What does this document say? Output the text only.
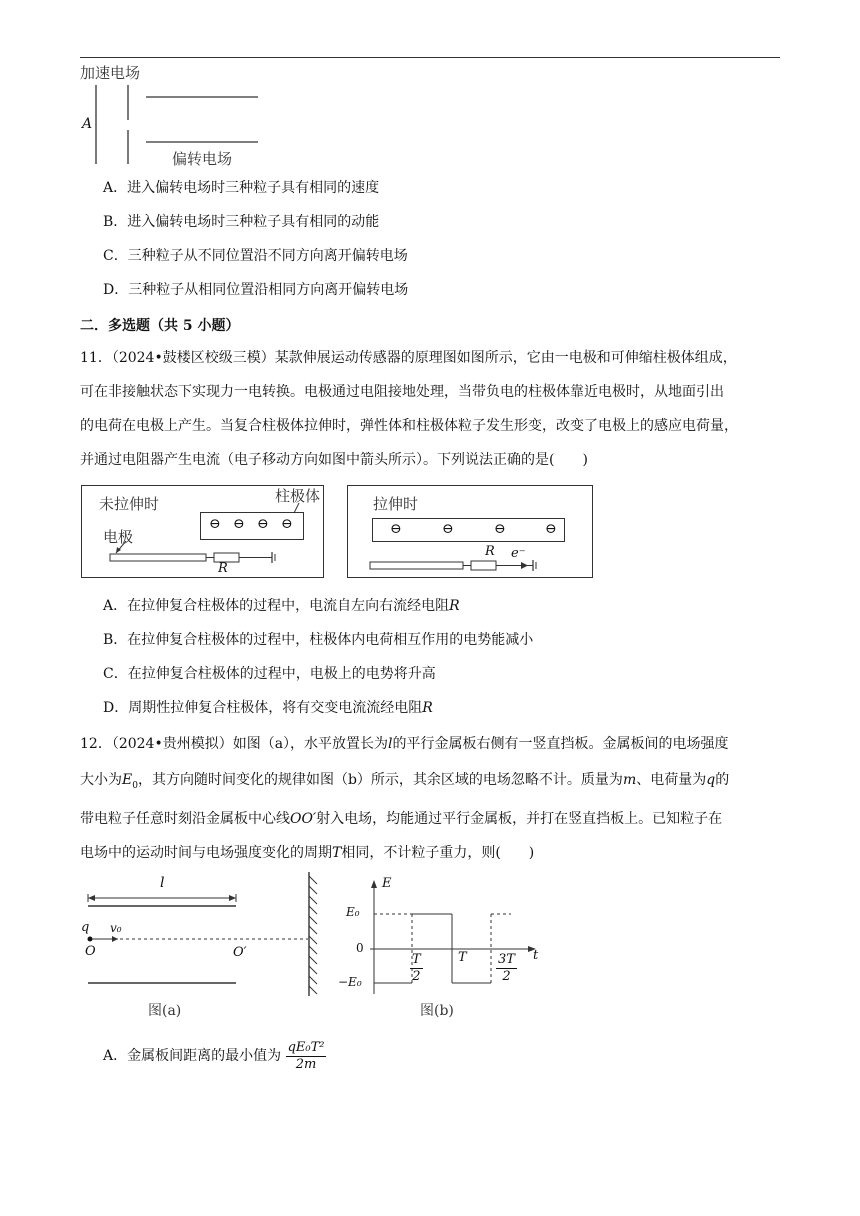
加速电场
A
偏转电场
A．进入偏转电场时三种粒子具有相同的速度
B．进入偏转电场时三种粒子具有相同的动能
C．三种粒子从不同位置沿不同方向离开偏转电场
D．三种粒子从相同位置沿相同方向离开偏转电场
二．多选题（共 5 小题）
11．（2024•鼓楼区校级三模）某款伸展运动传感器的原理图如图所示，它由一电极和可伸缩柱极体组成，
可在非接触状态下实现力一电转换。电极通过电阻接地处理，当带负电的柱极体靠近电极时，从地面引出
的电荷在电极上产生。当复合柱极体拉伸时，弹性体和柱极体粒子发生形变，改变了电极上的感应电荷量，
并通过电阻器产生电流（电子移动方向如图中箭头所示）。下列说法正确的是(　　)
未拉伸时	柱极体
电极
⊖ ⊖ ⊖ ⊖
R
拉伸时
⊖	⊖	⊖	⊖
R e⁻
A．在拉伸复合柱极体的过程中，电流自左向右流经电阻R
B．在拉伸复合柱极体的过程中，柱极体内电荷相互作用的电势能减小
C．在拉伸复合柱极体的过程中，电极上的电势将升高
D．周期性拉伸复合柱极体，将有交变电流流经电阻R
12．（2024•贵州模拟）如图（a），水平放置长为l的平行金属板右侧有一竖直挡板。金属板间的电场强度
大小为$E_0$，其方向随时间变化的规律如图（b）所示，其余区域的电场忽略不计。质量为m、电荷量为q的
带电粒子任意时刻沿金属板中心线OO′射入电场，均能通过平行金属板，并打在竖直挡板上。已知粒子在
电场中的运动时间与电场强度变化的周期T相同，不计粒子重力，则(　　)
l
q v₀
O	O′
图(a)
E
t
E₀
0
−E₀	$\frac{T}{2}$	T $\frac{3T}{2}$
图(b)
A．金属板间距离的最小值为 $\frac{\text{qE₀T²}}{2m}$
